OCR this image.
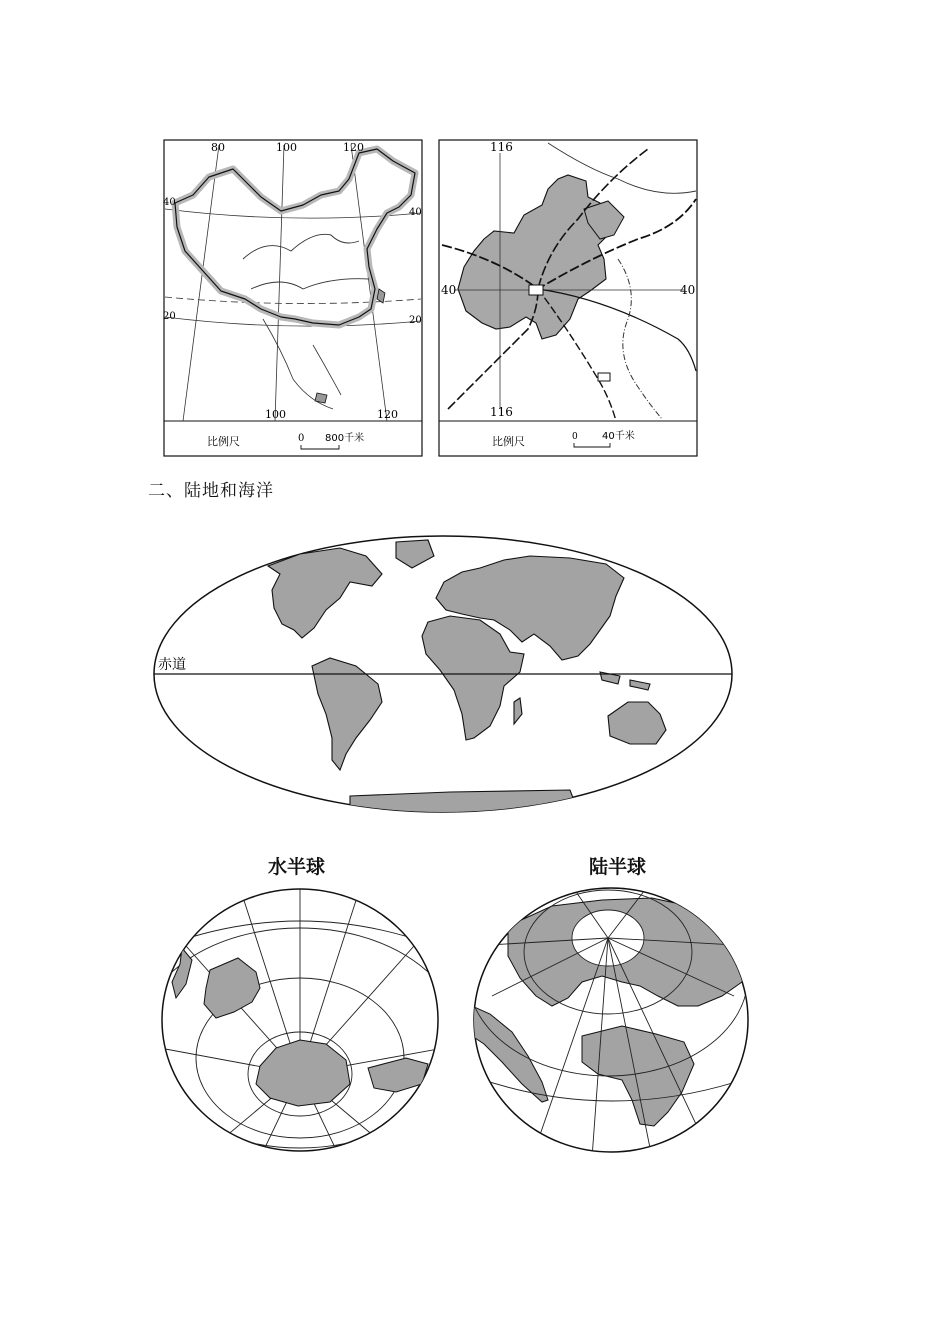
80	100	120
100	120
40
20
40
20
比例尺	0 800千米
116
116
40	40
比例尺	0 40千米
二、陆地和海洋
赤道
水半球	陆半球
